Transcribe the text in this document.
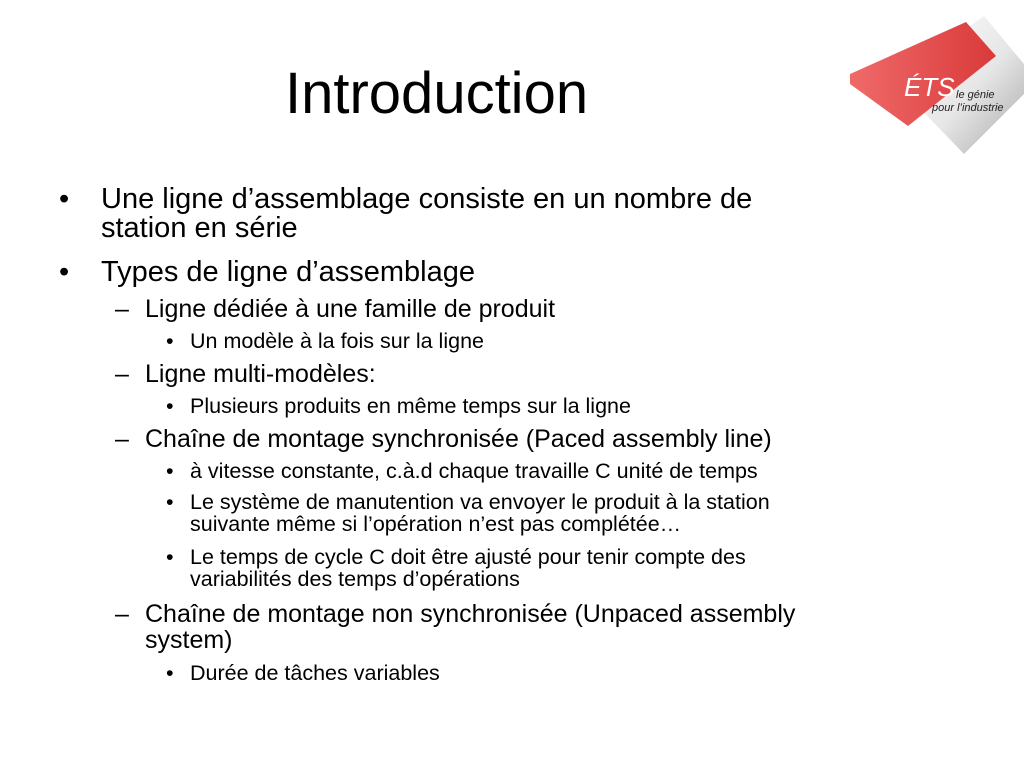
Introduction	ÉTS le génie
pour l’industrie
• Une ligne d’assemblage consiste en un nombre de
station en série
• Types de ligne d’assemblage
– Ligne dédiée à une famille de produit
• Un modèle à la fois sur la ligne
– Ligne multi-modèles:
• Plusieurs produits en même temps sur la ligne
– Chaîne de montage synchronisée (Paced assembly line)
• à vitesse constante, c.à.d chaque travaille C unité de temps
• Le système de manutention va envoyer le produit à la station
suivante même si l’opération n’est pas complétée…
• Le temps de cycle C doit être ajusté pour tenir compte des
variabilités des temps d’opérations
– Chaîne de montage non synchronisée (Unpaced assembly
system)
• Durée de tâches variables
